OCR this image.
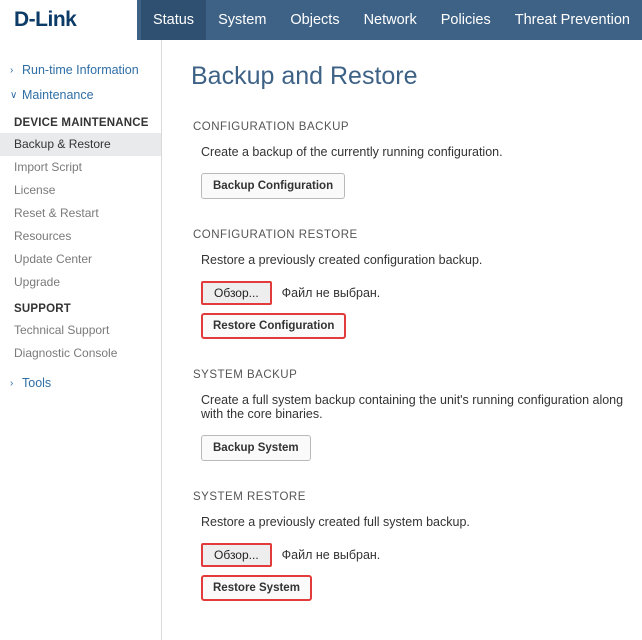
D-Link	Status	System	Objects	Network	Policies	Threat Prevention
› Run-time Information
∨ Maintenance
DEVICE MAINTENANCE
Backup & Restore
Import Script
License
Reset & Restart
Resources
Update Center
Upgrade
SUPPORT
Technical Support
Diagnostic Console
› Tools
Backup and Restore
CONFIGURATION BACKUP
Create a backup of the currently running configuration.
Backup Configuration
CONFIGURATION RESTORE
Restore a previously created configuration backup.
Обзор...	Файл не выбран.
Restore Configuration
SYSTEM BACKUP
Create a full system backup containing the unit's running configuration along with the core binaries.
Backup System
SYSTEM RESTORE
Restore a previously created full system backup.
Обзор...	Файл не выбран.
Restore System
